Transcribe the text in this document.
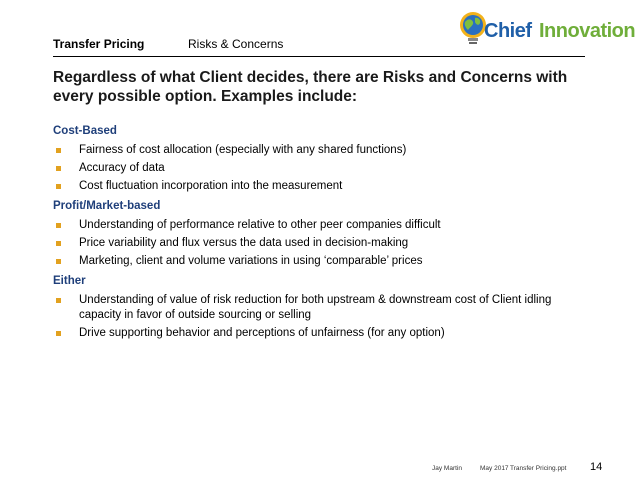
Chief Innovation
Transfer Pricing	Risks & Concerns
Regardless of what Client decides, there are Risks and Concerns with every possible option. Examples include:
Cost-Based
Fairness of cost allocation (especially with any shared functions)
Accuracy of data
Cost fluctuation incorporation into the measurement
Profit/Market-based
Understanding of performance relative to other peer companies difficult
Price variability and flux versus the data used in decision-making
Marketing, client and volume variations in using ‘comparable’ prices
Either
Understanding of value of risk reduction for both upstream & downstream cost of Client idling capacity in favor of outside sourcing or selling
Drive supporting behavior and perceptions of unfairness (for any option)
Jay Martin	May 2017 Transfer Pricing.ppt 14
